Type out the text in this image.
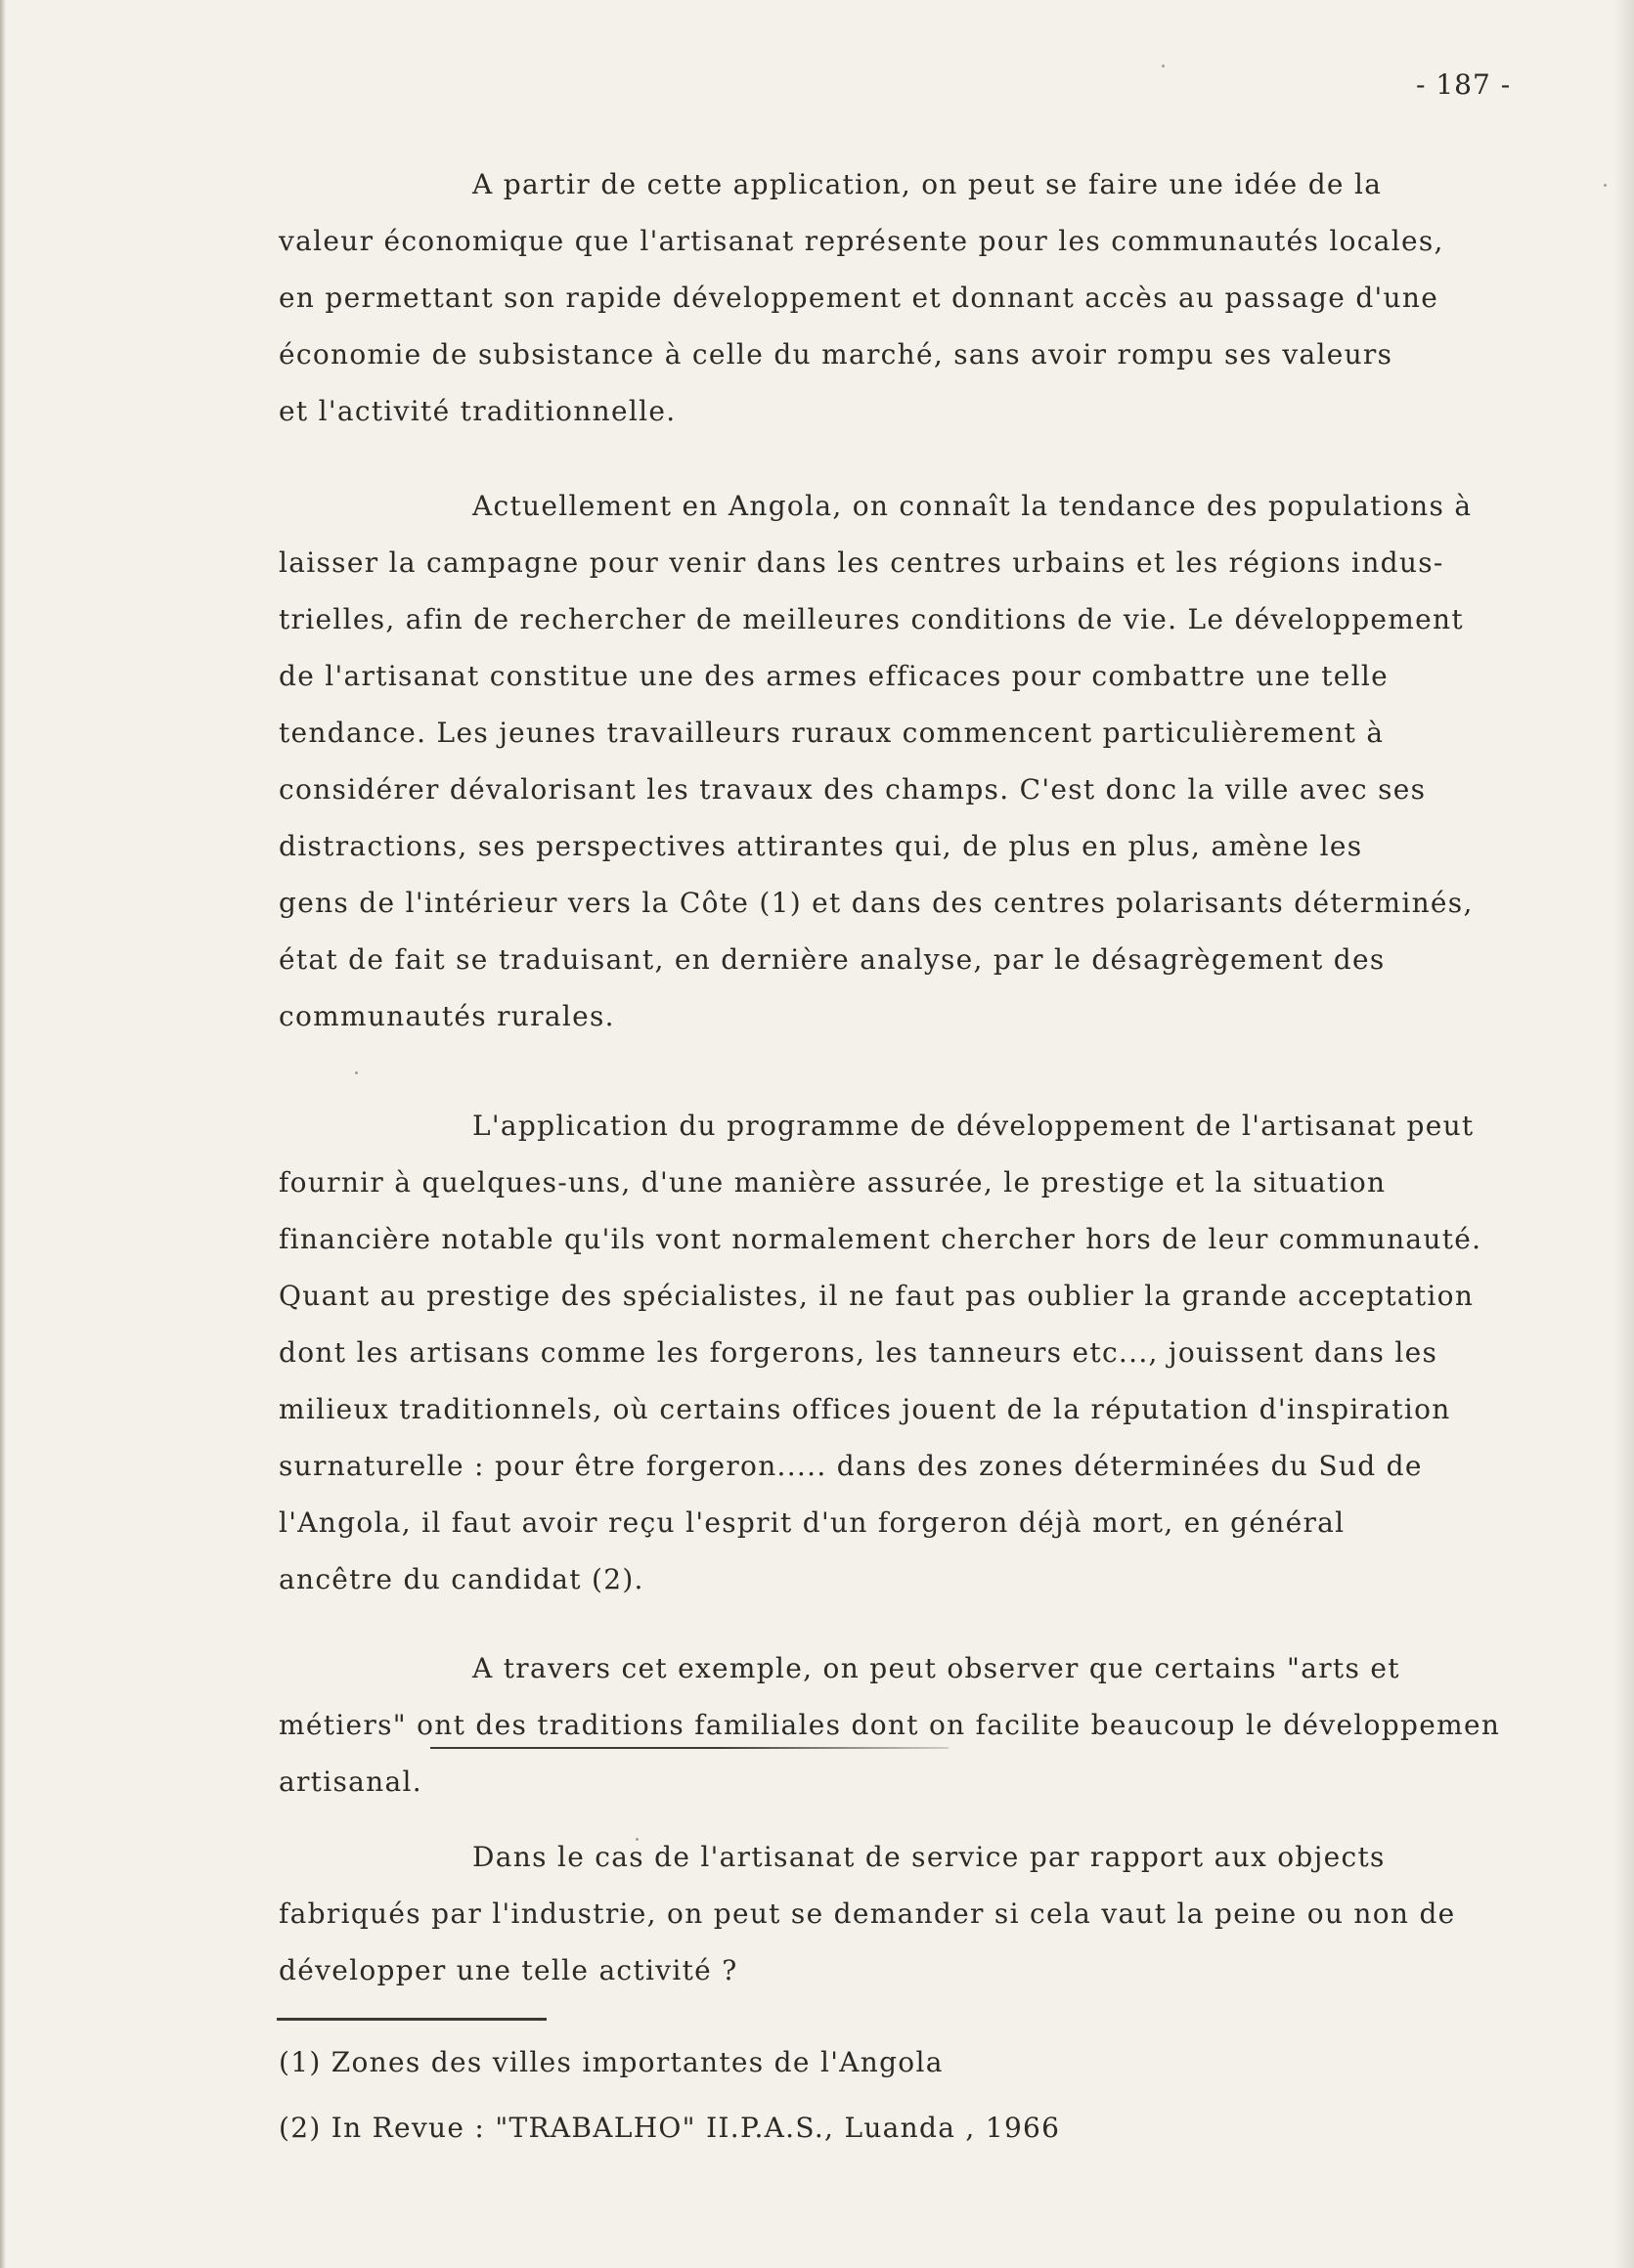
- 187 -
A partir de cette application, on peut se faire une idée de la
valeur économique que l'artisanat représente pour les communautés locales,
en permettant son rapide développement et donnant accès au passage d'une
économie de subsistance à celle du marché, sans avoir rompu ses valeurs
et l'activité traditionnelle.
Actuellement en Angola, on connaît la tendance des populations à
laisser la campagne pour venir dans les centres urbains et les régions indus-
trielles, afin de rechercher de meilleures conditions de vie. Le développement
de l'artisanat constitue une des armes efficaces pour combattre une telle
tendance. Les jeunes travailleurs ruraux commencent particulièrement à
considérer dévalorisant les travaux des champs. C'est donc la ville avec ses
distractions, ses perspectives attirantes qui, de plus en plus, amène les
gens de l'intérieur vers la Côte (1) et dans des centres polarisants déterminés,
état de fait se traduisant, en dernière analyse, par le désagrègement des
communautés rurales.
L'application du programme de développement de l'artisanat peut
fournir à quelques-uns, d'une manière assurée, le prestige et la situation
financière notable qu'ils vont normalement chercher hors de leur communauté.
Quant au prestige des spécialistes, il ne faut pas oublier la grande acceptation
dont les artisans comme les forgerons, les tanneurs etc..., jouissent dans les
milieux traditionnels, où certains offices jouent de la réputation d'inspiration
surnaturelle : pour être forgeron..... dans des zones déterminées du Sud de
l'Angola, il faut avoir reçu l'esprit d'un forgeron déjà mort, en général
ancêtre du candidat (2).
A travers cet exemple, on peut observer que certains "arts et
métiers" ont des traditions familiales dont on facilite beaucoup le développemen
artisanal.
Dans le cas de l'artisanat de service par rapport aux objects
fabriqués par l'industrie, on peut se demander si cela vaut la peine ou non de
développer une telle activité ?
(1) Zones des villes importantes de l'Angola
(2) In Revue : "TRABALHO" II.P.A.S., Luanda , 1966
